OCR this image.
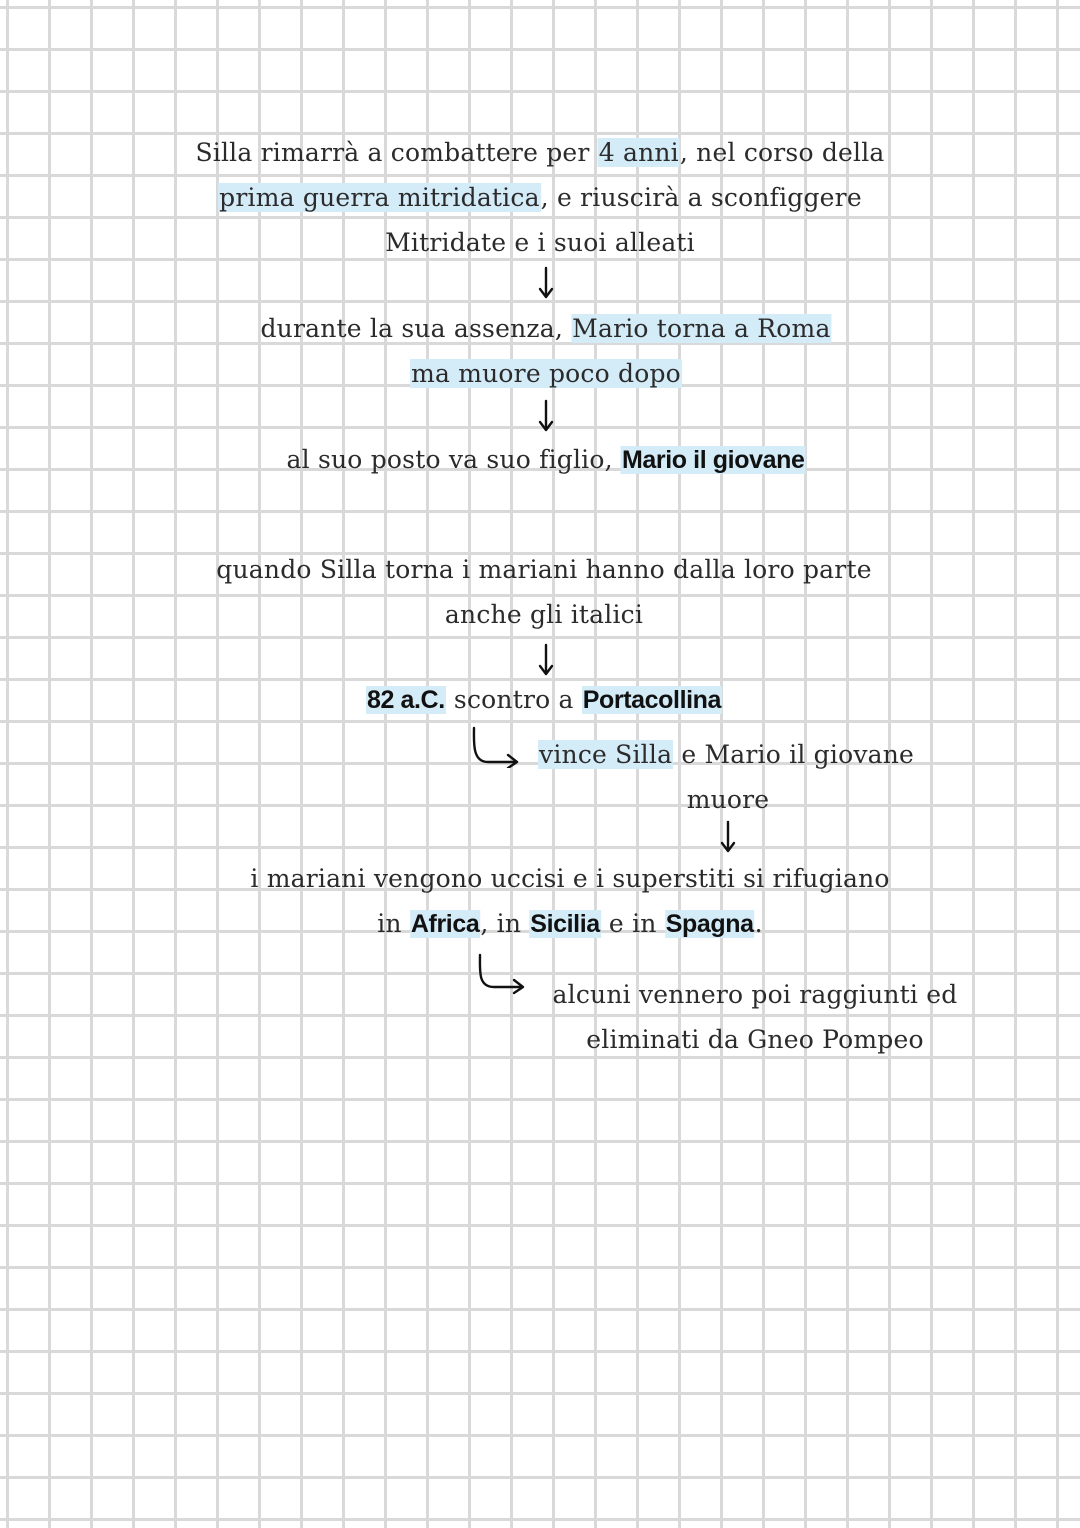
Silla rimarrà a combattere per 4 anni, nel corso della
prima guerra mitridatica, e riuscirà a sconfiggere
Mitridate e i suoi alleati
durante la sua assenza, Mario torna a Roma
ma muore poco dopo
al suo posto va suo figlio, Mario il giovane
quando Silla torna i mariani hanno dalla loro parte
anche gli italici
82 a.C. scontro a Portacollina
vince Silla e Mario il giovane
muore
i mariani vengono uccisi e i superstiti si rifugiano
in Africa, in Sicilia e in Spagna.
alcuni vennero poi raggiunti ed
eliminati da Gneo Pompeo
